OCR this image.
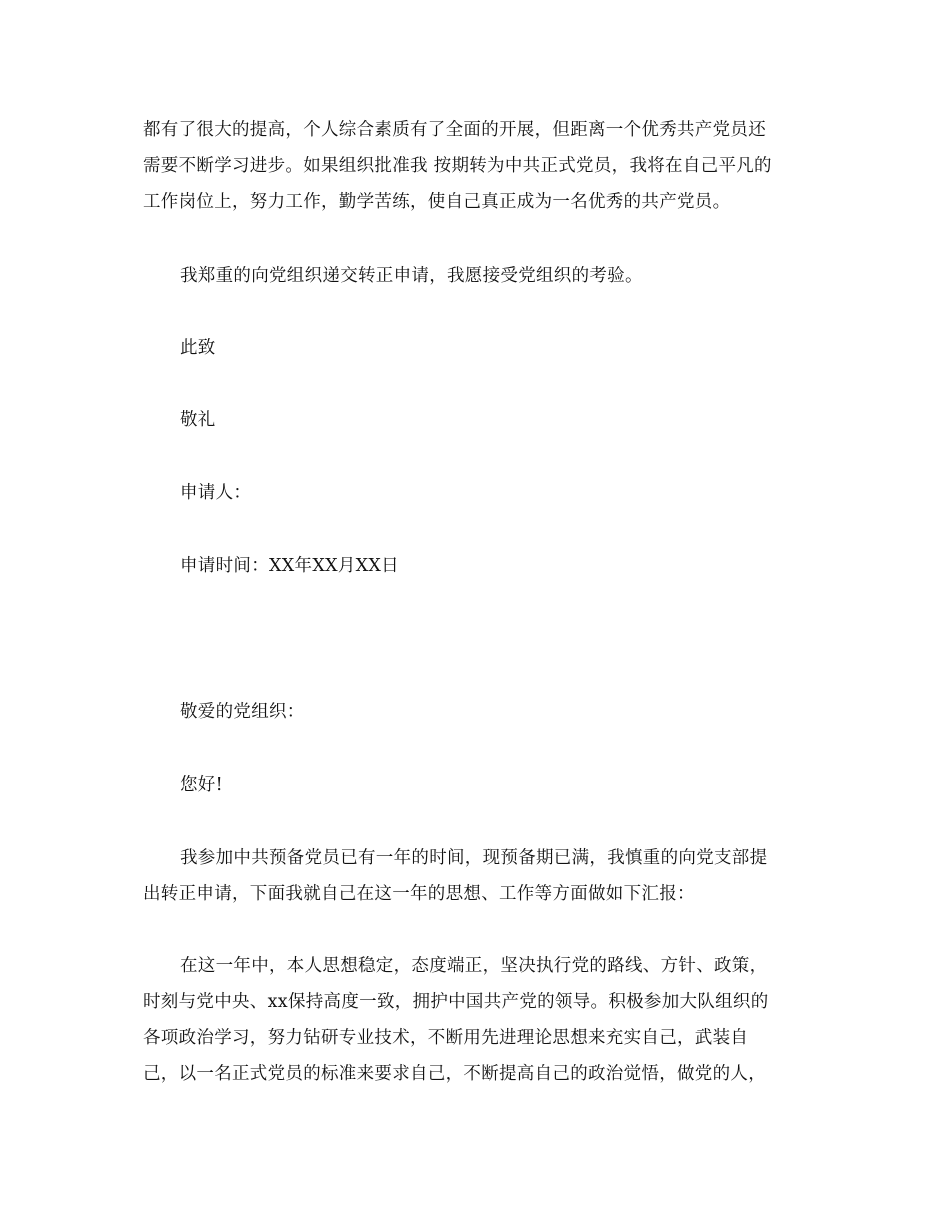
都有了很大的提高，个人综合素质有了全面的开展，但距离一个优秀共产党员还
需要不断学习进步。如果组织批准我 按期转为中共正式党员，我将在自己平凡的
工作岗位上，努力工作，勤学苦练，使自己真正成为一名优秀的共产党员。
我郑重的向党组织递交转正申请，我愿接受党组织的考验。
此致
敬礼
申请人：
申请时间：XX年XX月XX日
敬爱的党组织：
您好!
我参加中共预备党员已有一年的时间，现预备期已满，我慎重的向党支部提
出转正申请，下面我就自己在这一年的思想、工作等方面做如下汇报：
在这一年中，本人思想稳定，态度端正，坚决执行党的路线、方针、政策，
时刻与党中央、xx保持高度一致，拥护中国共产党的领导。积极参加大队组织的
各项政治学习，努力钻研专业技术，不断用先进理论思想来充实自己，武装自
己，以一名正式党员的标准来要求自己，不断提高自己的政治觉悟，做党的人，
